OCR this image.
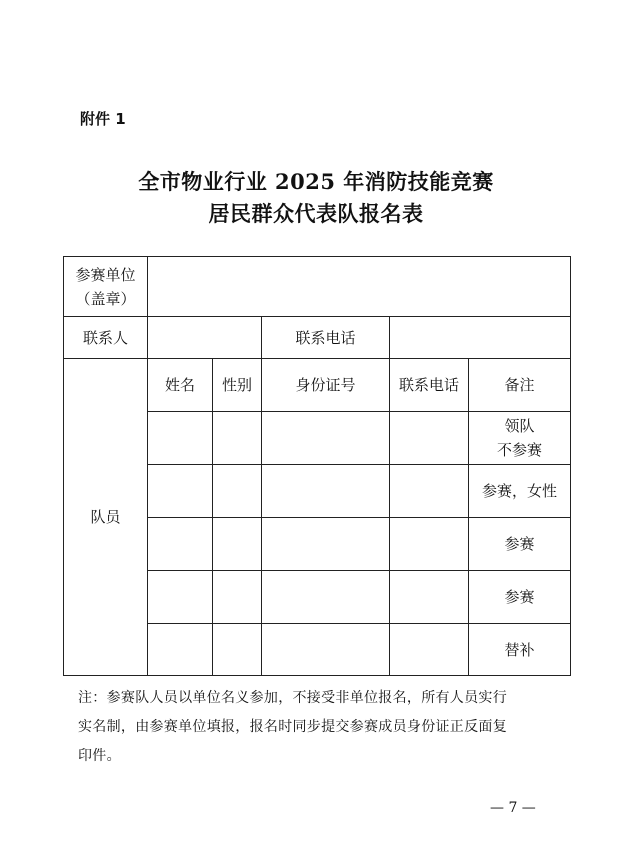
附件 1
全市物业行业 2025 年消防技能竞赛
居民群众代表队报名表
参赛单位
（盖章）					

联系人			联系电话		
队员	姓名	性别	身份证号	联系电话	备注

					领队
不参赛

					参赛，女性
					参赛
					参赛
					替补
注：参赛队人员以单位名义参加，不接受非单位报名，所有人员实行
实名制，由参赛单位填报，报名时同步提交参赛成员身份证正反面复
印件。
— 7 —
